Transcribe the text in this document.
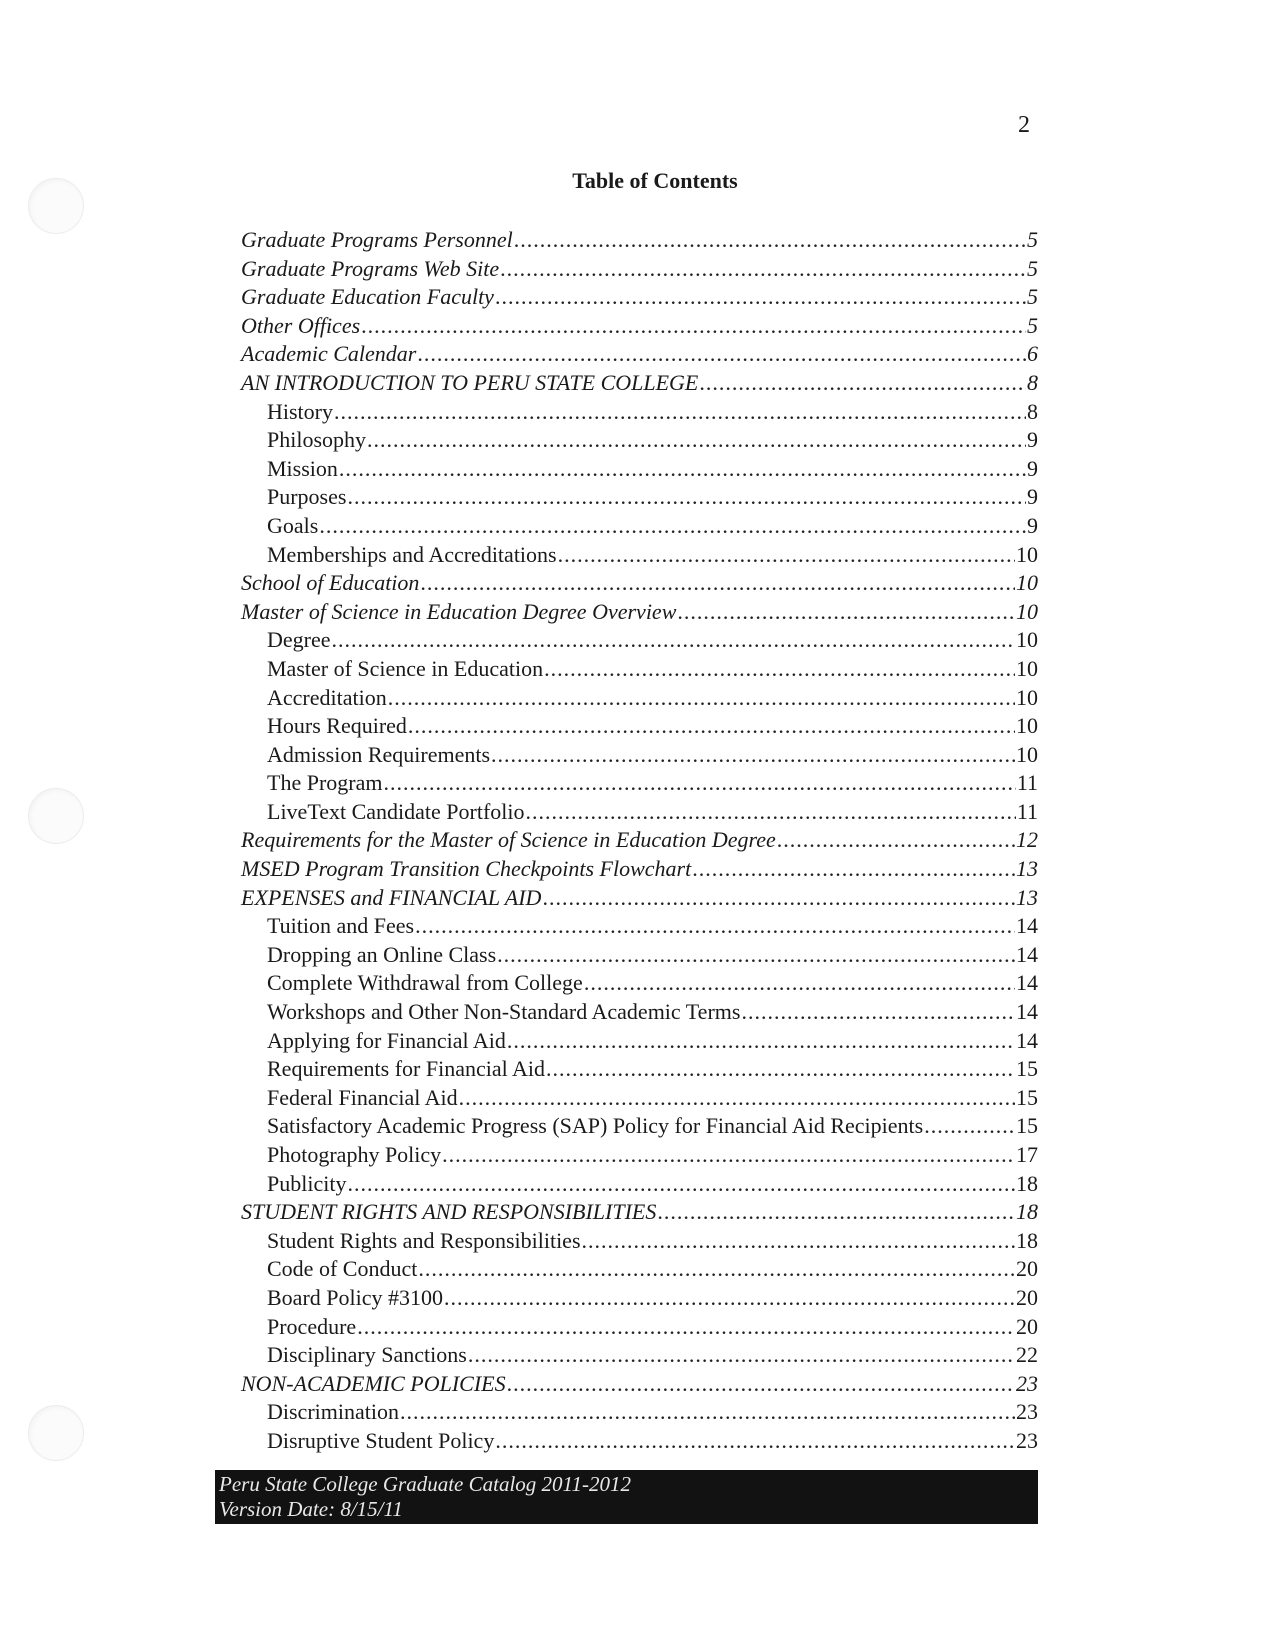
2
Table of Contents
Graduate Programs Personnel .....	5
Graduate Programs Web Site .....	5
Graduate Education Faculty .....	5
Other Offices .....	5
Academic Calendar .....	6
AN INTRODUCTION TO PERU STATE COLLEGE .....	8
History .....	8
Philosophy .....	9
Mission .....	9
Purposes .....	9
Goals .....	9
Memberships and Accreditations .....	10
School of Education .....	10
Master of Science in Education Degree Overview .....	10
Degree .....	10
Master of Science in Education .....	10
Accreditation .....	10
Hours Required .....	10
Admission Requirements .....	10
The Program .....	11
LiveText Candidate Portfolio .....	11
Requirements for the Master of Science in Education Degree .....	12
MSED Program Transition Checkpoints Flowchart .....	13
EXPENSES and FINANCIAL AID .....	13
Tuition and Fees .....	14
Dropping an Online Class .....	14
Complete Withdrawal from College .....	14
Workshops and Other Non-Standard Academic Terms .....	14
Applying for Financial Aid .....	14
Requirements for Financial Aid .....	15
Federal Financial Aid .....	15
Satisfactory Academic Progress (SAP) Policy for Financial Aid Recipients .....	15
Photography Policy .....	17
Publicity .....	18
STUDENT RIGHTS AND RESPONSIBILITIES .....	18
Student Rights and Responsibilities .....	18
Code of Conduct .....	20
Board Policy #3100 .....	20
Procedure .....	20
Disciplinary Sanctions .....	22
NON-ACADEMIC POLICIES .....	23
Discrimination .....	23
Disruptive Student Policy .....	23
Peru State College Graduate Catalog 2011-2012
Version Date: 8/15/11
